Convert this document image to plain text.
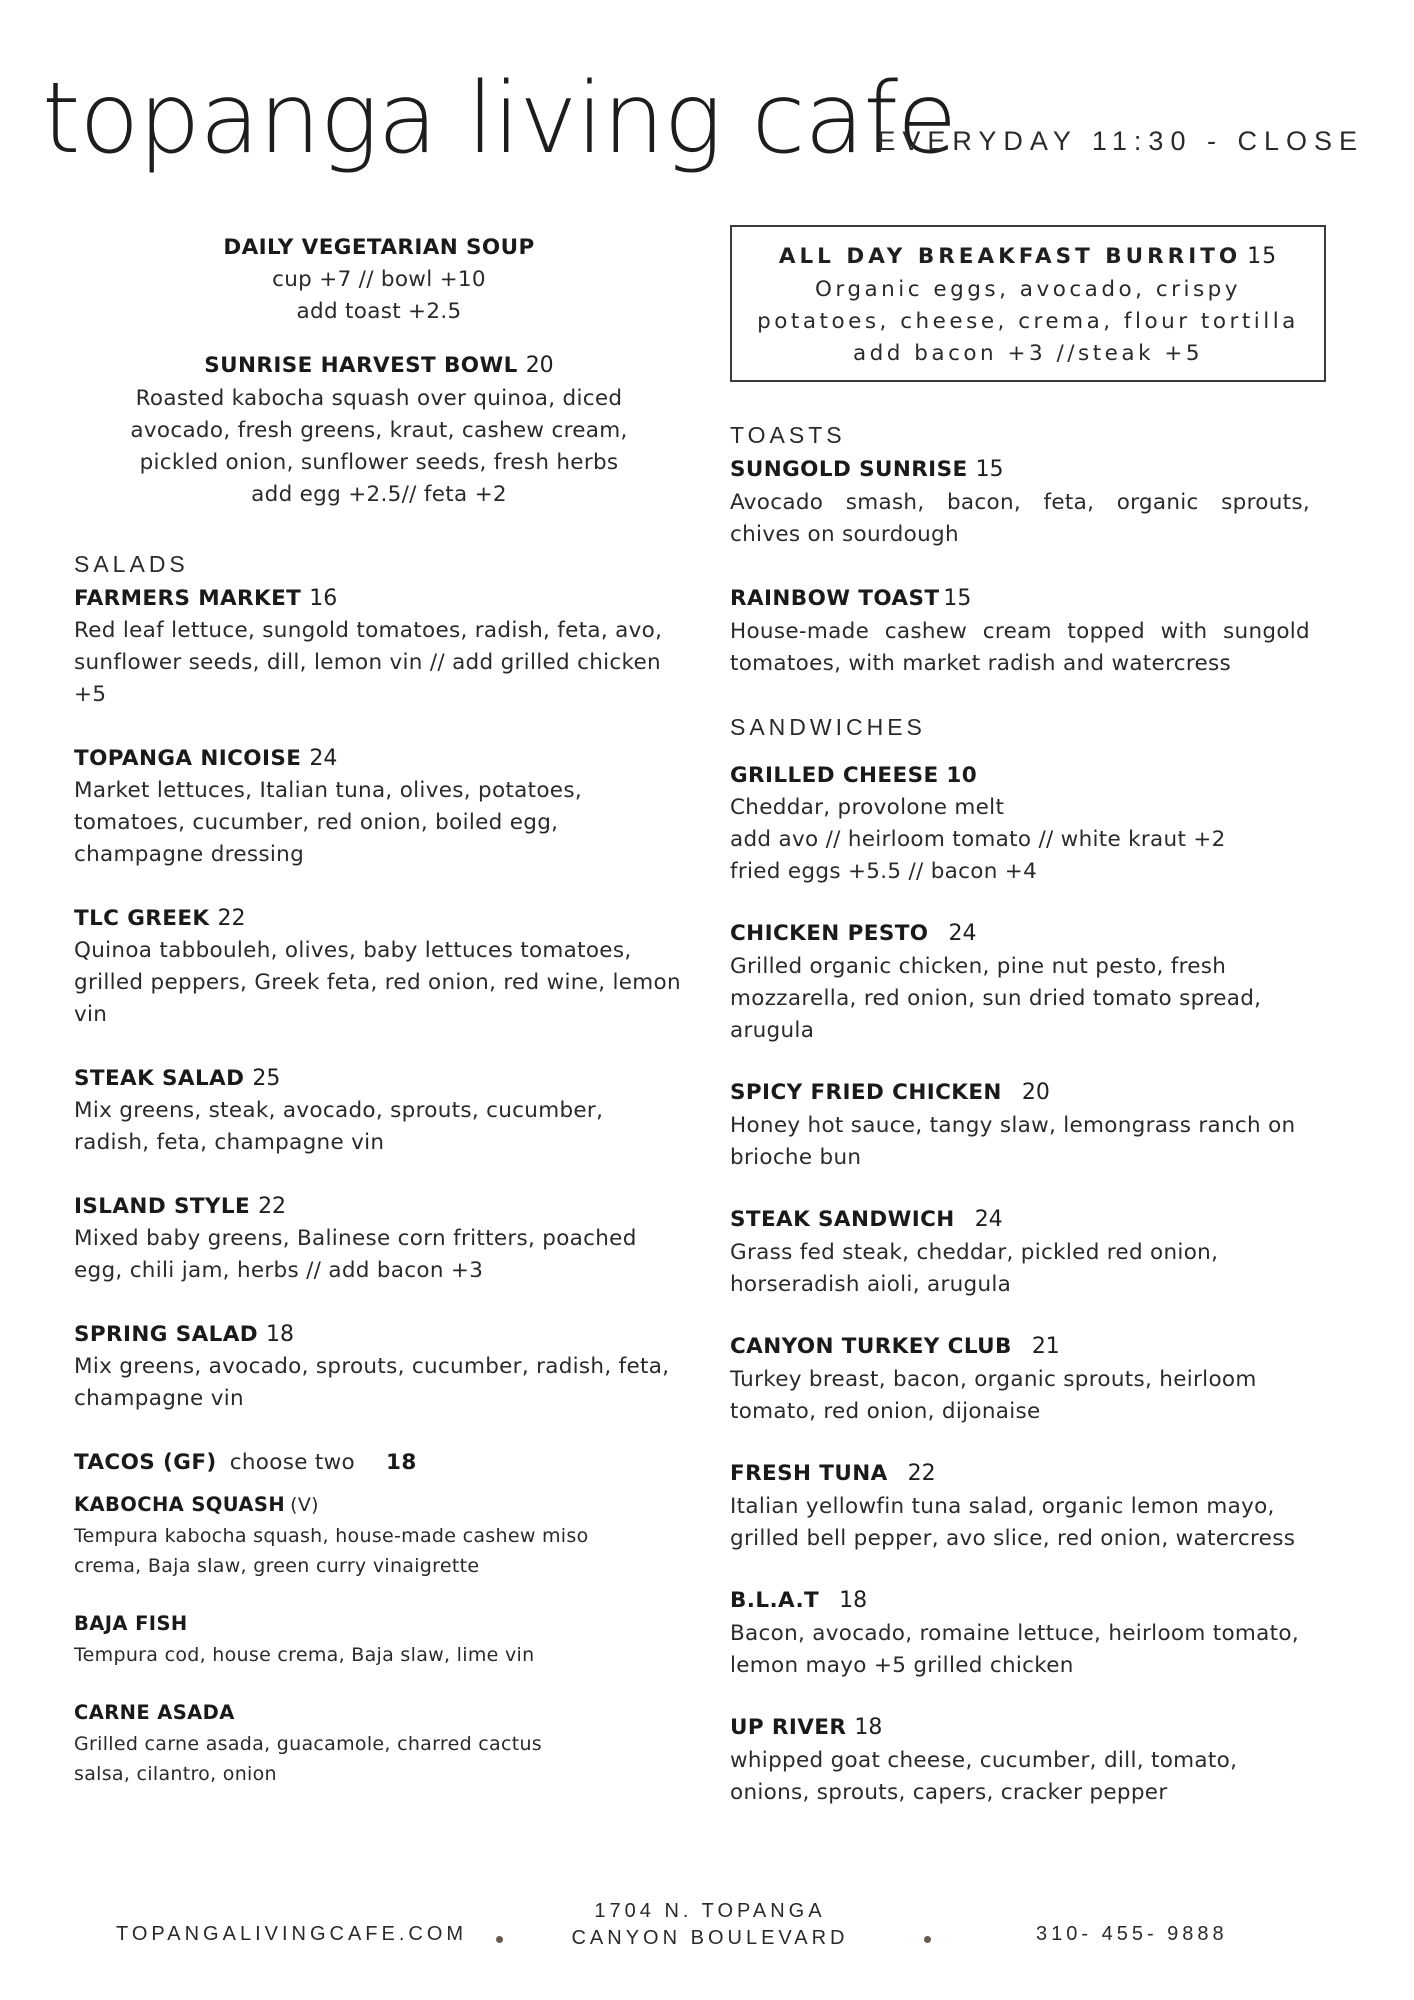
topanga living cafe
EVERYDAY 11:30 - CLOSE
DAILY VEGETARIAN SOUP
cup +7 // bowl +10
add toast +2.5
SUNRISE HARVEST BOWL 20
Roasted kabocha squash over quinoa, diced
avocado, fresh greens, kraut, cashew cream,
pickled onion, sunflower seeds, fresh herbs
add egg +2.5// feta +2
SALADS
FARMERS MARKET 16
Red leaf lettuce, sungold tomatoes, radish, feta, avo, sunflower seeds, dill, lemon vin // add grilled chicken +5
TOPANGA NICOISE 24
Market lettuces, Italian tuna, olives, potatoes, tomatoes, cucumber, red onion, boiled egg, champagne dressing
TLC GREEK 22
Quinoa tabbouleh, olives, baby lettuces tomatoes, grilled peppers, Greek feta, red onion, red wine, lemon vin
STEAK SALAD 25
Mix greens, steak, avocado, sprouts, cucumber, radish, feta, champagne vin
ISLAND STYLE 22
Mixed baby greens, Balinese corn fritters, poached egg, chili jam, herbs // add bacon +3
SPRING SALAD 18
Mix greens, avocado, sprouts, cucumber, radish, feta, champagne vin
TACOS (GF) choose two 18
KABOCHA SQUASH (V)
Tempura kabocha squash, house-made cashew miso crema, Baja slaw, green curry vinaigrette
BAJA FISH
Tempura cod, house crema, Baja slaw, lime vin
CARNE ASADA
Grilled carne asada, guacamole, charred cactus salsa, cilantro, onion
ALL DAY BREAKFAST BURRITO 15
Organic eggs, avocado, crispy
potatoes, cheese, crema, flour tortilla
add bacon +3 //steak +5
TOASTS
SUNGOLD SUNRISE 15
Avocado smash, bacon, feta, organic sprouts, chives on sourdough
RAINBOW TOAST 15
House-made cashew cream topped with sungold tomatoes, with market radish and watercress
SANDWICHES
GRILLED CHEESE 10
Cheddar, provolone melt
add avo // heirloom tomato // white kraut +2
fried eggs +5.5 // bacon +4
CHICKEN PESTO 24
Grilled organic chicken, pine nut pesto, fresh mozzarella, red onion, sun dried tomato spread, arugula
SPICY FRIED CHICKEN 20
Honey hot sauce, tangy slaw, lemongrass ranch on brioche bun
STEAK SANDWICH 24
Grass fed steak, cheddar, pickled red onion, horseradish aioli, arugula
CANYON TURKEY CLUB 21
Turkey breast, bacon, organic sprouts, heirloom tomato, red onion, dijonaise
FRESH TUNA 22
Italian yellowfin tuna salad, organic lemon mayo, grilled bell pepper, avo slice, red onion, watercress
B.L.A.T 18
Bacon, avocado, romaine lettuce, heirloom tomato, lemon mayo +5 grilled chicken
UP RIVER 18
whipped goat cheese, cucumber, dill, tomato, onions, sprouts, capers, cracker pepper
TOPANGALIVINGCAFE.COM
1704 N. TOPANGA
CANYON BOULEVARD	310- 455- 9888
